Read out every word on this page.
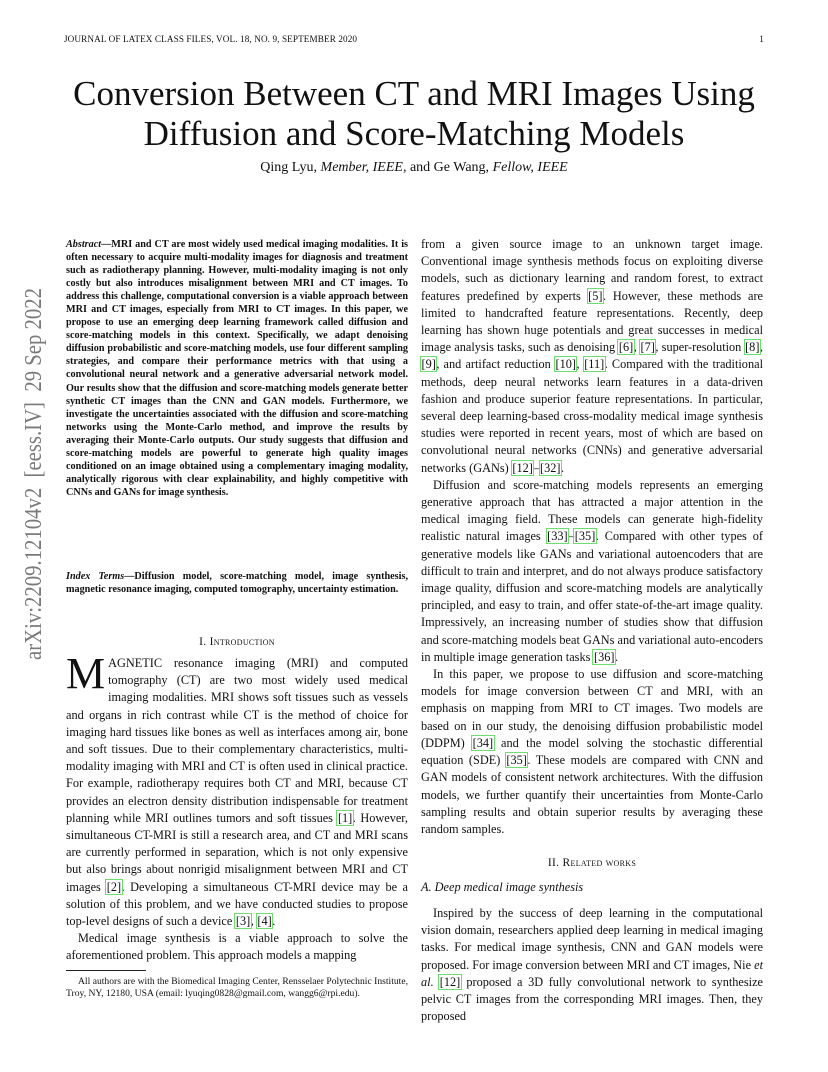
JOURNAL OF LATEX CLASS FILES, VOL. 18, NO. 9, SEPTEMBER 2020	1
Conversion Between CT and MRI Images Using Diffusion and Score-Matching Models
Qing Lyu, Member, IEEE, and Ge Wang, Fellow, IEEE
arXiv:2209.12104v2  [eess.IV]  29 Sep 2022 Abstract—MRI and CT are most widely used medical imaging modalities. It is often necessary to acquire multi-modality images for diagnosis and treatment such as radiotherapy planning. However, multi-modality imaging is not only costly but also introduces misalignment between MRI and CT images. To address this challenge, computational conversion is a viable approach between MRI and CT images, especially from MRI to CT images. In this paper, we propose to use an emerging deep learning framework called diffusion and score-matching models in this context. Specifically, we adapt denoising diffusion probabilistic and score-matching models, use four different sampling strategies, and compare their performance metrics with that using a convolutional neural network and a generative adversarial network model. Our results show that the diffusion and score-matching models generate better synthetic CT images than the CNN and GAN models. Furthermore, we investigate the uncertainties associated with the diffusion and score-matching networks using the Monte-Carlo method, and improve the results by averaging their Monte-Carlo outputs. Our study suggests that diffusion and score-matching models are powerful to generate high quality images conditioned on an image obtained using a complementary imaging modality, analytically rigorous with clear explainability, and highly competitive with CNNs and GANs for image synthesis.
Index Terms—Diffusion model, score-matching model, image synthesis, magnetic resonance imaging, computed tomography, uncertainty estimation.
I. Introduction

MAGNETIC resonance imaging (MRI) and computed tomography (CT) are two most widely used medical imaging modalities. MRI shows soft tissues such as vessels and organs in rich contrast while CT is the method of choice for imaging hard tissues like bones as well as interfaces among air, bone and soft tissues. Due to their complementary characteristics, multi-modality imaging with MRI and CT is often used in clinical practice. For example, radiotherapy requires both CT and MRI, because CT provides an electron density distribution indispensable for treatment planning while MRI outlines tumors and soft tissues [1]. However, simultaneous CT-MRI is still a research area, and CT and MRI scans are currently performed in separation, which is not only expensive but also brings about nonrigid misalignment between MRI and CT images [2]. Developing a simultaneous CT-MRI device may be a solution of this problem, and we have conducted studies to propose top-level designs of such a device [3], [4].

Medical image synthesis is a viable approach to solve the aforementioned problem. This approach models a mapping

All authors are with the Biomedical Imaging Center, Rensselaer Polytechnic Institute, Troy, NY, 12180, USA (email: lyuqing0828@gmail.com, wangg6@rpi.edu).

from a given source image to an unknown target image. Conventional image synthesis methods focus on exploiting diverse models, such as dictionary learning and random forest, to extract features predefined by experts [5]. However, these methods are limited to handcrafted feature representations. Recently, deep learning has shown huge potentials and great successes in medical image analysis tasks, such as denoising [6], [7], super-resolution [8], [9], and artifact reduction [10], [11]. Compared with the traditional methods, deep neural networks learn features in a data-driven fashion and produce superior feature representations. In particular, several deep learning-based cross-modality medical image synthesis studies were reported in recent years, most of which are based on convolutional neural networks (CNNs) and generative adversarial networks (GANs) [12]–[32].

Diffusion and score-matching models represents an emerging generative approach that has attracted a major attention in the medical imaging field. These models can generate high-fidelity realistic natural images [33]–[35]. Compared with other types of generative models like GANs and variational autoencoders that are difficult to train and interpret, and do not always produce satisfactory image quality, diffusion and score-matching models are analytically principled, and easy to train, and offer state-of-the-art image quality. Impressively, an increasing number of studies show that diffusion and score-matching models beat GANs and variational auto-encoders in multiple image generation tasks [36].

In this paper, we propose to use diffusion and score-matching models for image conversion between CT and MRI, with an emphasis on mapping from MRI to CT images. Two models are based on in our study, the denoising diffusion probabilistic model (DDPM) [34] and the model solving the stochastic differential equation (SDE) [35]. These models are compared with CNN and GAN models of consistent network architectures. With the diffusion models, we further quantify their uncertainties from Monte-Carlo sampling results and obtain superior results by averaging these random samples.

II. Related works
A. Deep medical image synthesis

Inspired by the success of deep learning in the computational vision domain, researchers applied deep learning in medical imaging tasks. For medical image synthesis, CNN and GAN models were proposed. For image conversion between MRI and CT images, Nie et al. [12] proposed a 3D fully convolutional network to synthesize pelvic CT images from the corresponding MRI images. Then, they proposed
